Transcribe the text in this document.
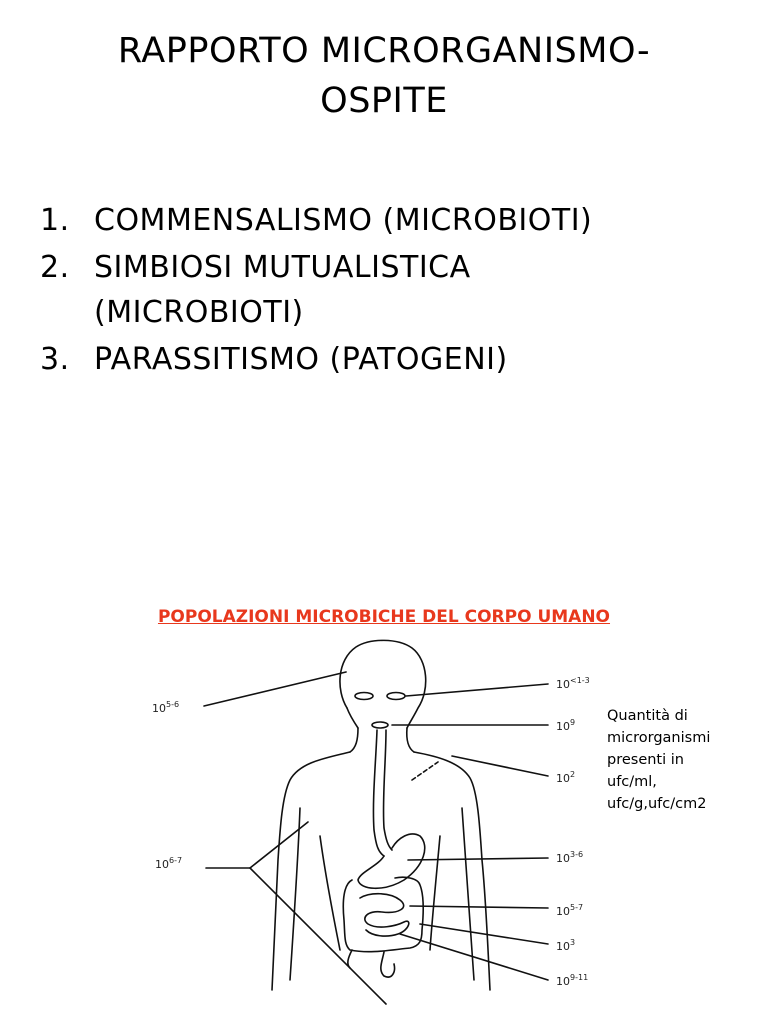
RAPPORTO MICRORGANISMO-
OSPITE
1. COMMENSALISMO (MICROBIOTI)
2. SIMBIOSI MUTUALISTICA
(MICROBIOTI)
3. PARASSITISMO (PATOGENI)
POPOLAZIONI MICROBICHE DEL CORPO UMANO
Quantità di
microrganismi
presenti in
ufc/ml,
ufc/g,ufc/cm2
10$^{5-6}$
10$^{6-7}$
$10^{<1-3}$
$10^9$
$10^2$
10$^{3-6}$
10$^{5-7}$
$10^3$
10$^{9-11}$
